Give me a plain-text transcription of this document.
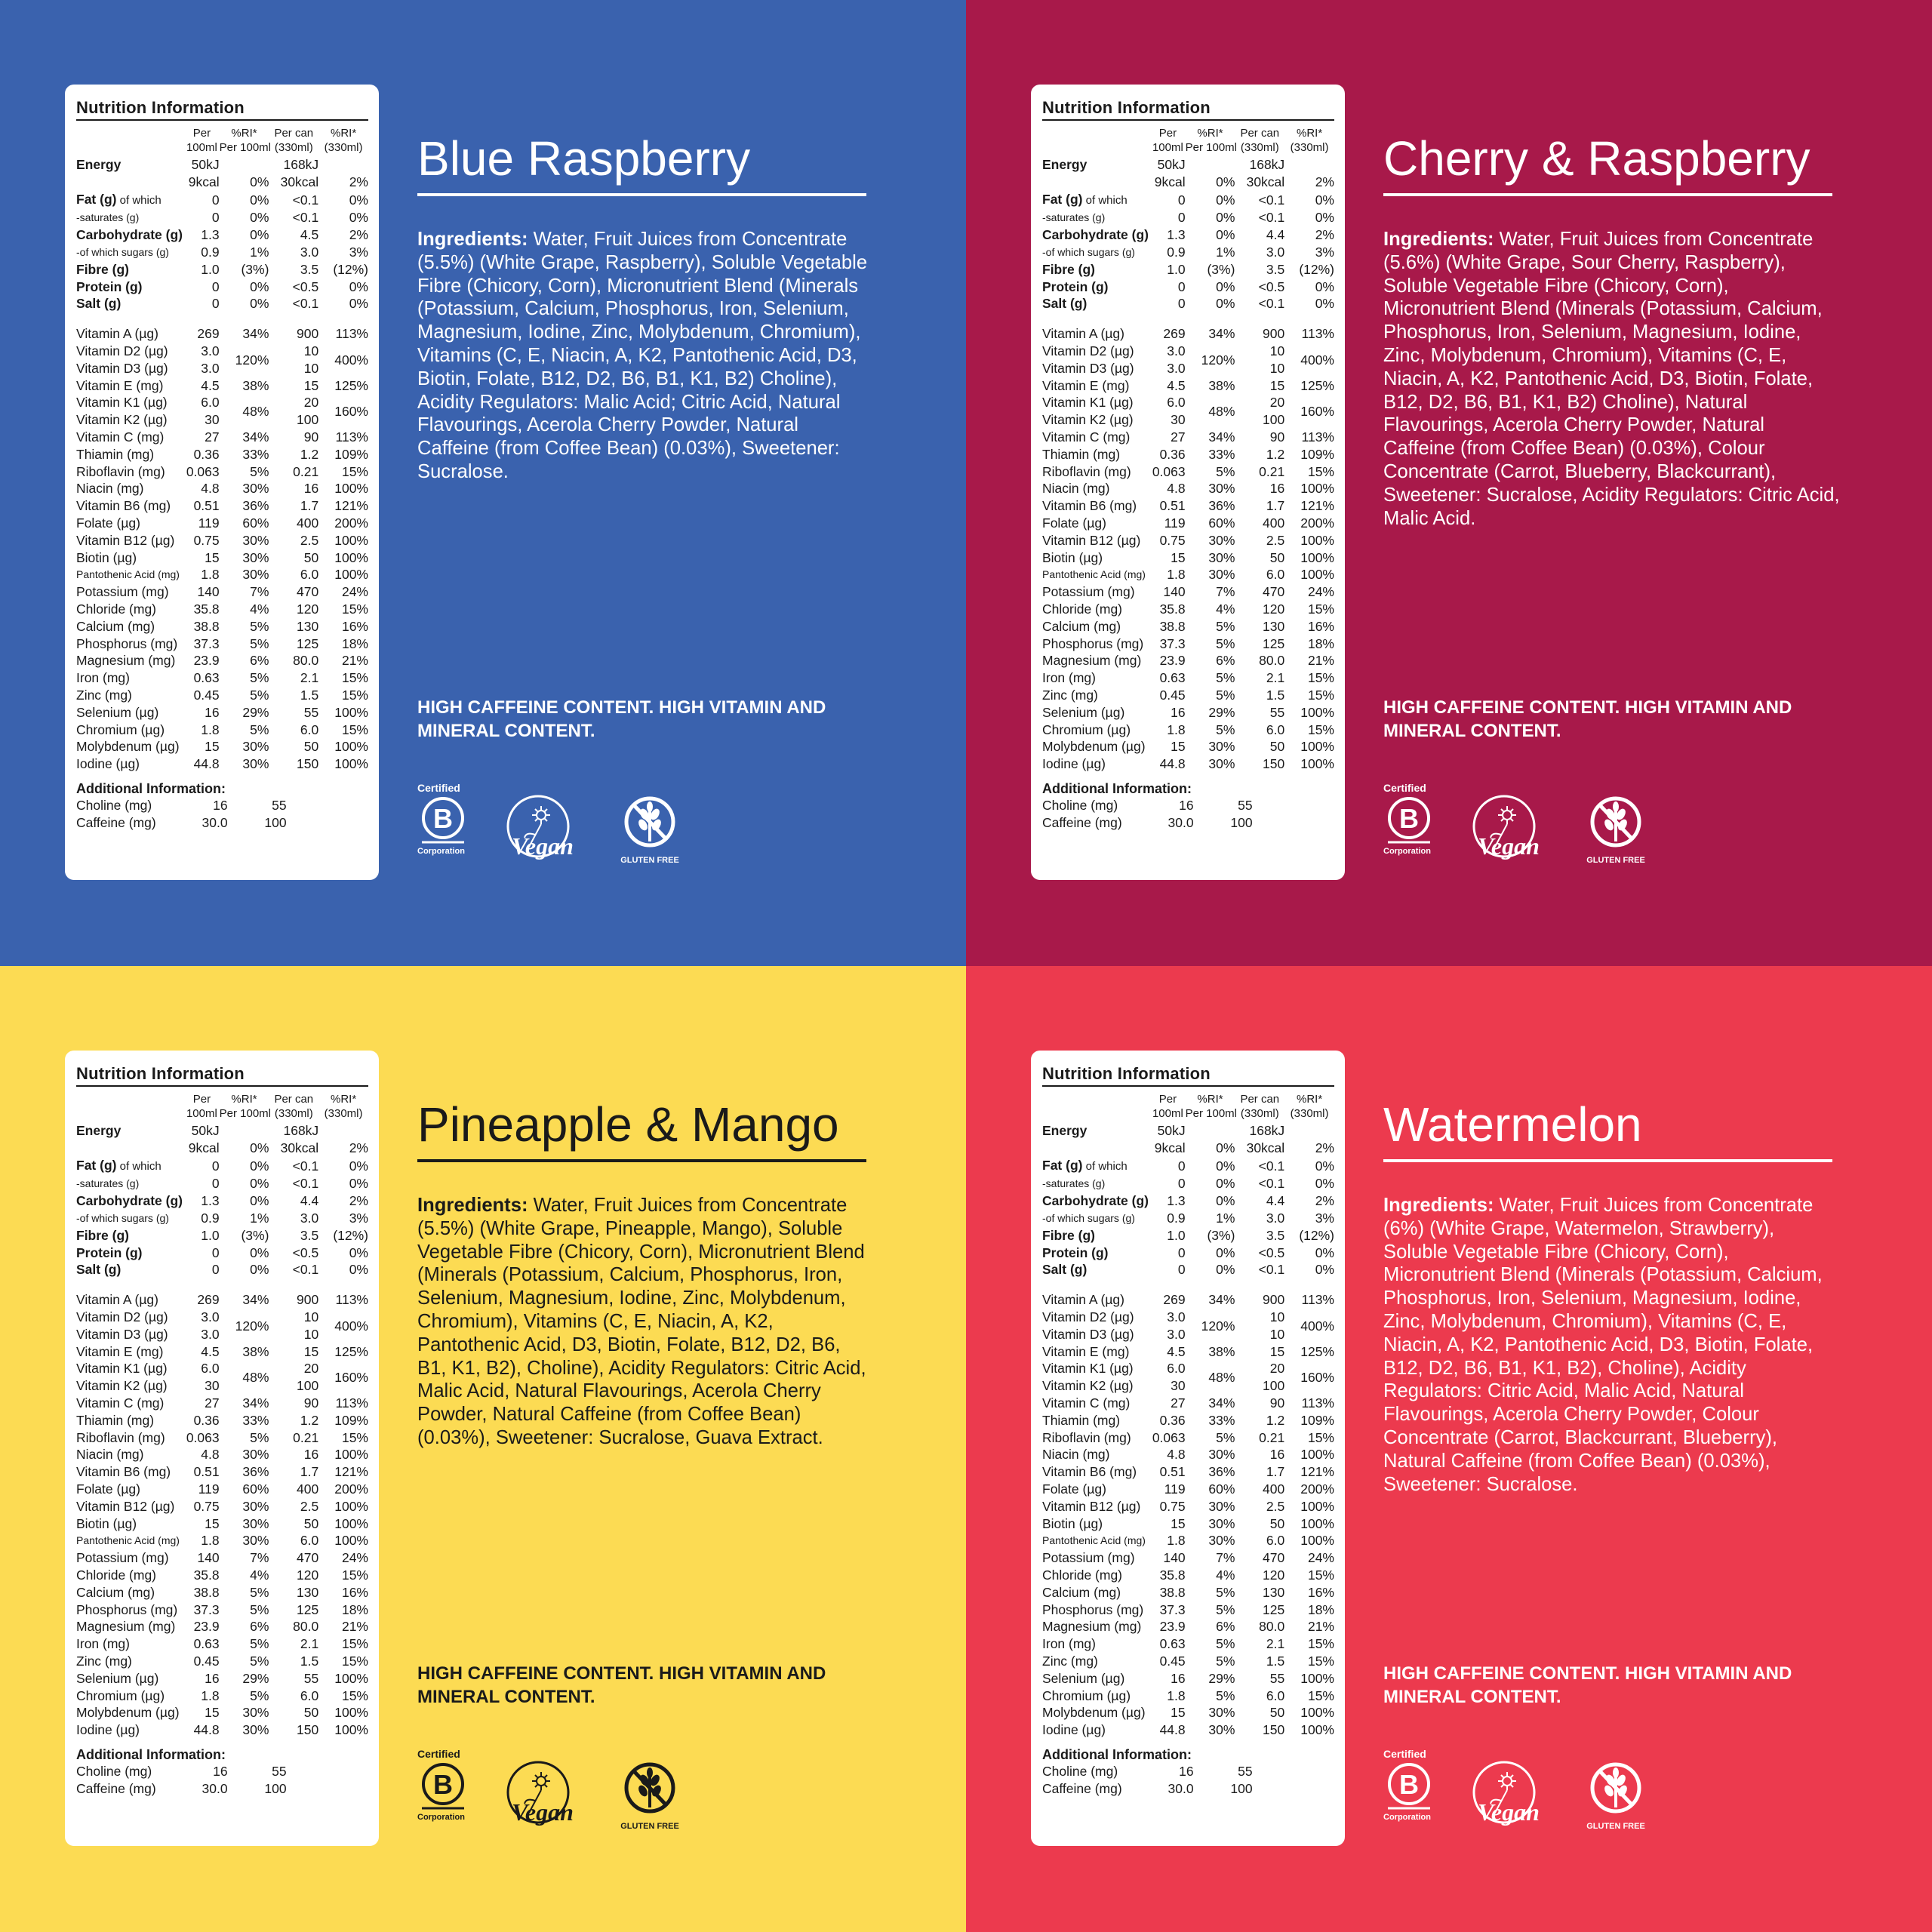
Nutrition Information

	Per
100ml	%RI*
Per 100ml	Per can
(330ml)	%RI*
(330ml)

Energy	50kJ		168kJ	
	9kcal	0%	30kcal	2%
Fat (g) of which	0	0%	<0.1	0%
-saturates (g)	0	0%	<0.1	0%
Carbohydrate (g)	1.3	0%	4.5	2%
-of which sugars (g)	0.9	1%	3.0	3%
Fibre (g)	1.0	(3%)	3.5	(12%)
Protein (g)	0	0%	<0.5	0%
Salt (g)	0	0%	<0.1	0%
Vitamin A (µg)	269	34%	900	113%
Vitamin D2 (µg)	3.0		10	
Vitamin D3 (µg)	3.0	120%	10	400%
Vitamin E (mg)	4.5	38%	15	125%
Vitamin K1 (µg)	6.0		20	
Vitamin K2 (µg)	30	48%	100	160%
Vitamin C (mg)	27	34%	90	113%
Thiamin (mg)	0.36	33%	1.2	109%
Riboflavin (mg)	0.063	5%	0.21	15%
Niacin (mg)	4.8	30%	16	100%
Vitamin B6 (mg)	0.51	36%	1.7	121%
Folate (µg)	119	60%	400	200%
Vitamin B12 (µg)	0.75	30%	2.5	100%
Biotin (µg)	15	30%	50	100%
Pantothenic Acid (mg)	1.8	30%	6.0	100%
Potassium (mg)	140	7%	470	24%
Chloride (mg)	35.8	4%	120	15%
Calcium (mg)	38.8	5%	130	16%
Phosphorus (mg)	37.3	5%	125	18%
Magnesium (mg)	23.9	6%	80.0	21%
Iron (mg)	0.63	5%	2.1	15%
Zinc (mg)	0.45	5%	1.5	15%
Selenium (µg)	16	29%	55	100%
Chromium (µg)	1.8	5%	6.0	15%
Molybdenum (µg)	15	30%	50	100%
Iodine (µg)	44.8	30%	150	100%
Additional Information:
Choline (mg)	16	55
Caffeine (mg)	30.0	100
Blue Raspberry
Ingredients: Water, Fruit Juices from Concentrate (5.5%) (White Grape, Raspberry), Soluble Vegetable Fibre (Chicory, Corn), Micronutrient Blend (Minerals (Potassium, Calcium, Phosphorus, Iron, Selenium, Magnesium, Iodine, Zinc, Molybdenum, Chromium), Vitamins (C, E, Niacin, A, K2, Pantothenic Acid, D3, Biotin, Folate, B12, D2, B6, B1, K1, B2) Choline), Acidity Regulators: Malic Acid; Citric Acid, Natural Flavourings, Acerola Cherry Powder, Natural Caffeine (from Coffee Bean) (0.03%), Sweetener: Sucralose.
HIGH CAFFEINE CONTENT. HIGH VITAMIN AND MINERAL CONTENT.
Certified
B
Corporation Vegan
GLUTEN FREE
Nutrition Information

	Per
100ml	%RI*
Per 100ml	Per can
(330ml)	%RI*
(330ml)

Energy	50kJ		168kJ	
	9kcal	0%	30kcal	2%
Fat (g) of which	0	0%	<0.1	0%
-saturates (g)	0	0%	<0.1	0%
Carbohydrate (g)	1.3	0%	4.4	2%
-of which sugars (g)	0.9	1%	3.0	3%
Fibre (g)	1.0	(3%)	3.5	(12%)
Protein (g)	0	0%	<0.5	0%
Salt (g)	0	0%	<0.1	0%
Vitamin A (µg)	269	34%	900	113%
Vitamin D2 (µg)	3.0		10	
Vitamin D3 (µg)	3.0	120%	10	400%
Vitamin E (mg)	4.5	38%	15	125%
Vitamin K1 (µg)	6.0		20	
Vitamin K2 (µg)	30	48%	100	160%
Vitamin C (mg)	27	34%	90	113%
Thiamin (mg)	0.36	33%	1.2	109%
Riboflavin (mg)	0.063	5%	0.21	15%
Niacin (mg)	4.8	30%	16	100%
Vitamin B6 (mg)	0.51	36%	1.7	121%
Folate (µg)	119	60%	400	200%
Vitamin B12 (µg)	0.75	30%	2.5	100%
Biotin (µg)	15	30%	50	100%
Pantothenic Acid (mg)	1.8	30%	6.0	100%
Potassium (mg)	140	7%	470	24%
Chloride (mg)	35.8	4%	120	15%
Calcium (mg)	38.8	5%	130	16%
Phosphorus (mg)	37.3	5%	125	18%
Magnesium (mg)	23.9	6%	80.0	21%
Iron (mg)	0.63	5%	2.1	15%
Zinc (mg)	0.45	5%	1.5	15%
Selenium (µg)	16	29%	55	100%
Chromium (µg)	1.8	5%	6.0	15%
Molybdenum (µg)	15	30%	50	100%
Iodine (µg)	44.8	30%	150	100%
Additional Information:
Choline (mg)	16	55
Caffeine (mg)	30.0	100
Cherry & Raspberry
Ingredients: Water, Fruit Juices from Concentrate (5.6%) (White Grape, Sour Cherry, Raspberry), Soluble Vegetable Fibre (Chicory, Corn), Micronutrient Blend (Minerals (Potassium, Calcium, Phosphorus, Iron, Selenium, Magnesium, Iodine, Zinc, Molybdenum, Chromium), Vitamins (C, E, Niacin, A, K2, Pantothenic Acid, D3, Biotin, Folate, B12, D2, B6, B1, K1, B2) Choline), Natural Flavourings, Acerola Cherry Powder, Natural Caffeine (from Coffee Bean) (0.03%), Colour Concentrate (Carrot, Blueberry, Blackcurrant), Sweetener: Sucralose, Acidity Regulators: Citric Acid, Malic Acid.
HIGH CAFFEINE CONTENT. HIGH VITAMIN AND MINERAL CONTENT.
Certified
B
Corporation Vegan
GLUTEN FREE
Nutrition Information

	Per
100ml	%RI*
Per 100ml	Per can
(330ml)	%RI*
(330ml)

Energy	50kJ		168kJ	
	9kcal	0%	30kcal	2%
Fat (g) of which	0	0%	<0.1	0%
-saturates (g)	0	0%	<0.1	0%
Carbohydrate (g)	1.3	0%	4.4	2%
-of which sugars (g)	0.9	1%	3.0	3%
Fibre (g)	1.0	(3%)	3.5	(12%)
Protein (g)	0	0%	<0.5	0%
Salt (g)	0	0%	<0.1	0%
Vitamin A (µg)	269	34%	900	113%
Vitamin D2 (µg)	3.0		10	
Vitamin D3 (µg)	3.0	120%	10	400%
Vitamin E (mg)	4.5	38%	15	125%
Vitamin K1 (µg)	6.0		20	
Vitamin K2 (µg)	30	48%	100	160%
Vitamin C (mg)	27	34%	90	113%
Thiamin (mg)	0.36	33%	1.2	109%
Riboflavin (mg)	0.063	5%	0.21	15%
Niacin (mg)	4.8	30%	16	100%
Vitamin B6 (mg)	0.51	36%	1.7	121%
Folate (µg)	119	60%	400	200%
Vitamin B12 (µg)	0.75	30%	2.5	100%
Biotin (µg)	15	30%	50	100%
Pantothenic Acid (mg)	1.8	30%	6.0	100%
Potassium (mg)	140	7%	470	24%
Chloride (mg)	35.8	4%	120	15%
Calcium (mg)	38.8	5%	130	16%
Phosphorus (mg)	37.3	5%	125	18%
Magnesium (mg)	23.9	6%	80.0	21%
Iron (mg)	0.63	5%	2.1	15%
Zinc (mg)	0.45	5%	1.5	15%
Selenium (µg)	16	29%	55	100%
Chromium (µg)	1.8	5%	6.0	15%
Molybdenum (µg)	15	30%	50	100%
Iodine (µg)	44.8	30%	150	100%
Additional Information:
Choline (mg)	16	55
Caffeine (mg)	30.0	100
Pineapple & Mango
Ingredients: Water, Fruit Juices from Concentrate (5.5%) (White Grape, Pineapple, Mango), Soluble Vegetable Fibre (Chicory, Corn), Micronutrient Blend (Minerals (Potassium, Calcium, Phosphorus, Iron, Selenium, Magnesium, Iodine, Zinc, Molybdenum, Chromium), Vitamins (C, E, Niacin, A, K2, Pantothenic Acid, D3, Biotin, Folate, B12, D2, B6, B1, K1, B2), Choline), Acidity Regulators: Citric Acid, Malic Acid, Natural Flavourings, Acerola Cherry Powder, Natural Caffeine (from Coffee Bean) (0.03%), Sweetener: Sucralose, Guava Extract.
HIGH CAFFEINE CONTENT. HIGH VITAMIN AND MINERAL CONTENT.
Certified
B
Corporation Vegan
GLUTEN FREE
Nutrition Information

	Per
100ml	%RI*
Per 100ml	Per can
(330ml)	%RI*
(330ml)

Energy	50kJ		168kJ	
	9kcal	0%	30kcal	2%
Fat (g) of which	0	0%	<0.1	0%
-saturates (g)	0	0%	<0.1	0%
Carbohydrate (g)	1.3	0%	4.4	2%
-of which sugars (g)	0.9	1%	3.0	3%
Fibre (g)	1.0	(3%)	3.5	(12%)
Protein (g)	0	0%	<0.5	0%
Salt (g)	0	0%	<0.1	0%
Vitamin A (µg)	269	34%	900	113%
Vitamin D2 (µg)	3.0		10	
Vitamin D3 (µg)	3.0	120%	10	400%
Vitamin E (mg)	4.5	38%	15	125%
Vitamin K1 (µg)	6.0		20	
Vitamin K2 (µg)	30	48%	100	160%
Vitamin C (mg)	27	34%	90	113%
Thiamin (mg)	0.36	33%	1.2	109%
Riboflavin (mg)	0.063	5%	0.21	15%
Niacin (mg)	4.8	30%	16	100%
Vitamin B6 (mg)	0.51	36%	1.7	121%
Folate (µg)	119	60%	400	200%
Vitamin B12 (µg)	0.75	30%	2.5	100%
Biotin (µg)	15	30%	50	100%
Pantothenic Acid (mg)	1.8	30%	6.0	100%
Potassium (mg)	140	7%	470	24%
Chloride (mg)	35.8	4%	120	15%
Calcium (mg)	38.8	5%	130	16%
Phosphorus (mg)	37.3	5%	125	18%
Magnesium (mg)	23.9	6%	80.0	21%
Iron (mg)	0.63	5%	2.1	15%
Zinc (mg)	0.45	5%	1.5	15%
Selenium (µg)	16	29%	55	100%
Chromium (µg)	1.8	5%	6.0	15%
Molybdenum (µg)	15	30%	50	100%
Iodine (µg)	44.8	30%	150	100%
Additional Information:
Choline (mg)	16	55
Caffeine (mg)	30.0	100
Watermelon
Ingredients: Water, Fruit Juices from Concentrate (6%) (White Grape, Watermelon, Strawberry), Soluble Vegetable Fibre (Chicory, Corn), Micronutrient Blend (Minerals (Potassium, Calcium, Phosphorus, Iron, Selenium, Magnesium, Iodine, Zinc, Molybdenum, Chromium), Vitamins (C, E, Niacin, A, K2, Pantothenic Acid, D3, Biotin, Folate, B12, D2, B6, B1, K1, B2), Choline), Acidity Regulators: Citric Acid, Malic Acid, Natural Flavourings, Acerola Cherry Powder, Colour Concentrate (Carrot, Blackcurrant, Blueberry), Natural Caffeine (from Coffee Bean) (0.03%), Sweetener: Sucralose.
HIGH CAFFEINE CONTENT. HIGH VITAMIN AND MINERAL CONTENT.
Certified
B
Corporation Vegan
GLUTEN FREE
